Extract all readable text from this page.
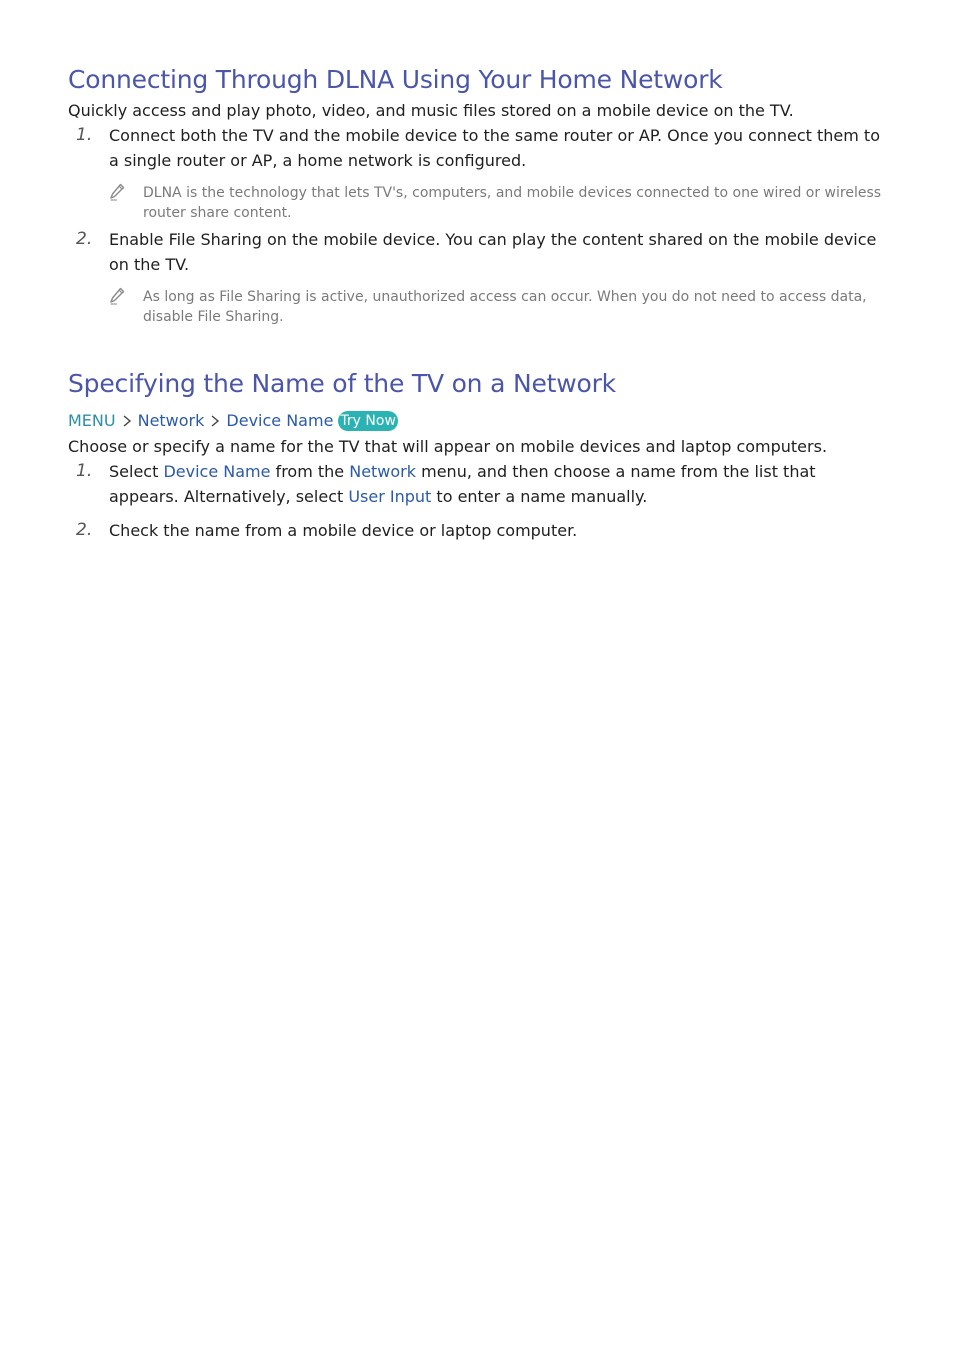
Connecting Through DLNA Using Your Home Network

Quickly access and play photo, video, and music files stored on a mobile device on the TV.

1. Connect both the TV and the mobile device to the same router or AP. Once you connect them to a single router or AP, a home network is configured.
DLNA is the technology that lets TV's, computers, and mobile devices connected to one wired or wireless router share content.
2. Enable File Sharing on the mobile device. You can play the content shared on the mobile device on the TV.
As long as File Sharing is active, unauthorized access can occur. When you do not need to access data, disable File Sharing.
Specifying the Name of the TV on a Network
MENU Network Device Name Try Now

Choose or specify a name for the TV that will appear on mobile devices and laptop computers.

1. Select Device Name from the Network menu, and then choose a name from the list that appears. Alternatively, select User Input to enter a name manually.
2. Check the name from a mobile device or laptop computer.
